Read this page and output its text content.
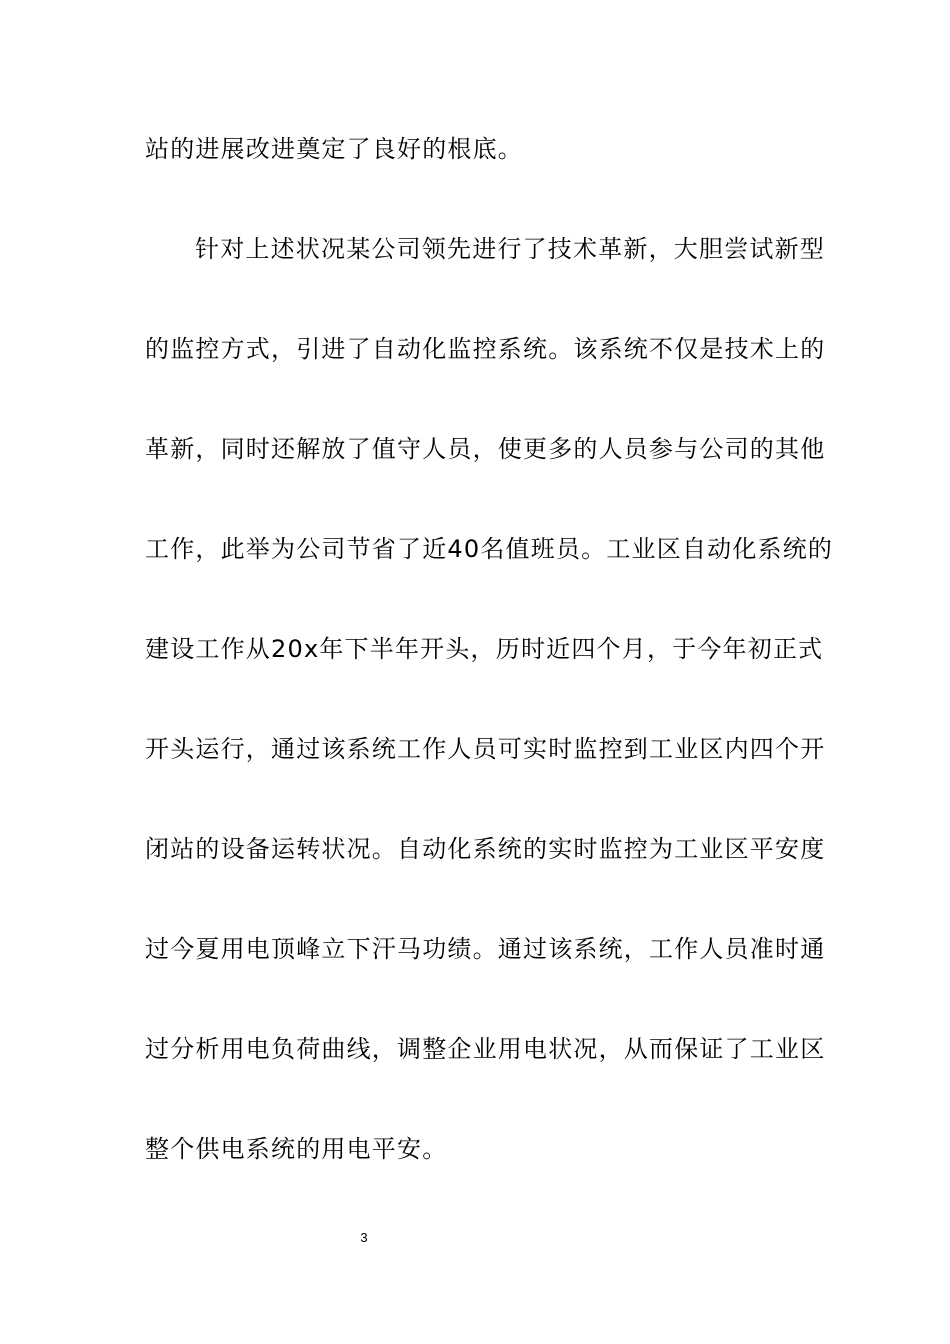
站的进展改进奠定了良好的根底。
针对上述状况某公司领先进行了技术革新，大胆尝试新型
的监控方式，引进了自动化监控系统。该系统不仅是技术上的
革新，同时还解放了值守人员，使更多的人员参与公司的其他
工作，此举为公司节省了近40名值班员。工业区自动化系统的
建设工作从20x年下半年开头，历时近四个月，于今年初正式
开头运行，通过该系统工作人员可实时监控到工业区内四个开
闭站的设备运转状况。自动化系统的实时监控为工业区平安度
过今夏用电顶峰立下汗马功绩。通过该系统，工作人员准时通
过分析用电负荷曲线，调整企业用电状况，从而保证了工业区
整个供电系统的用电平安。
3
